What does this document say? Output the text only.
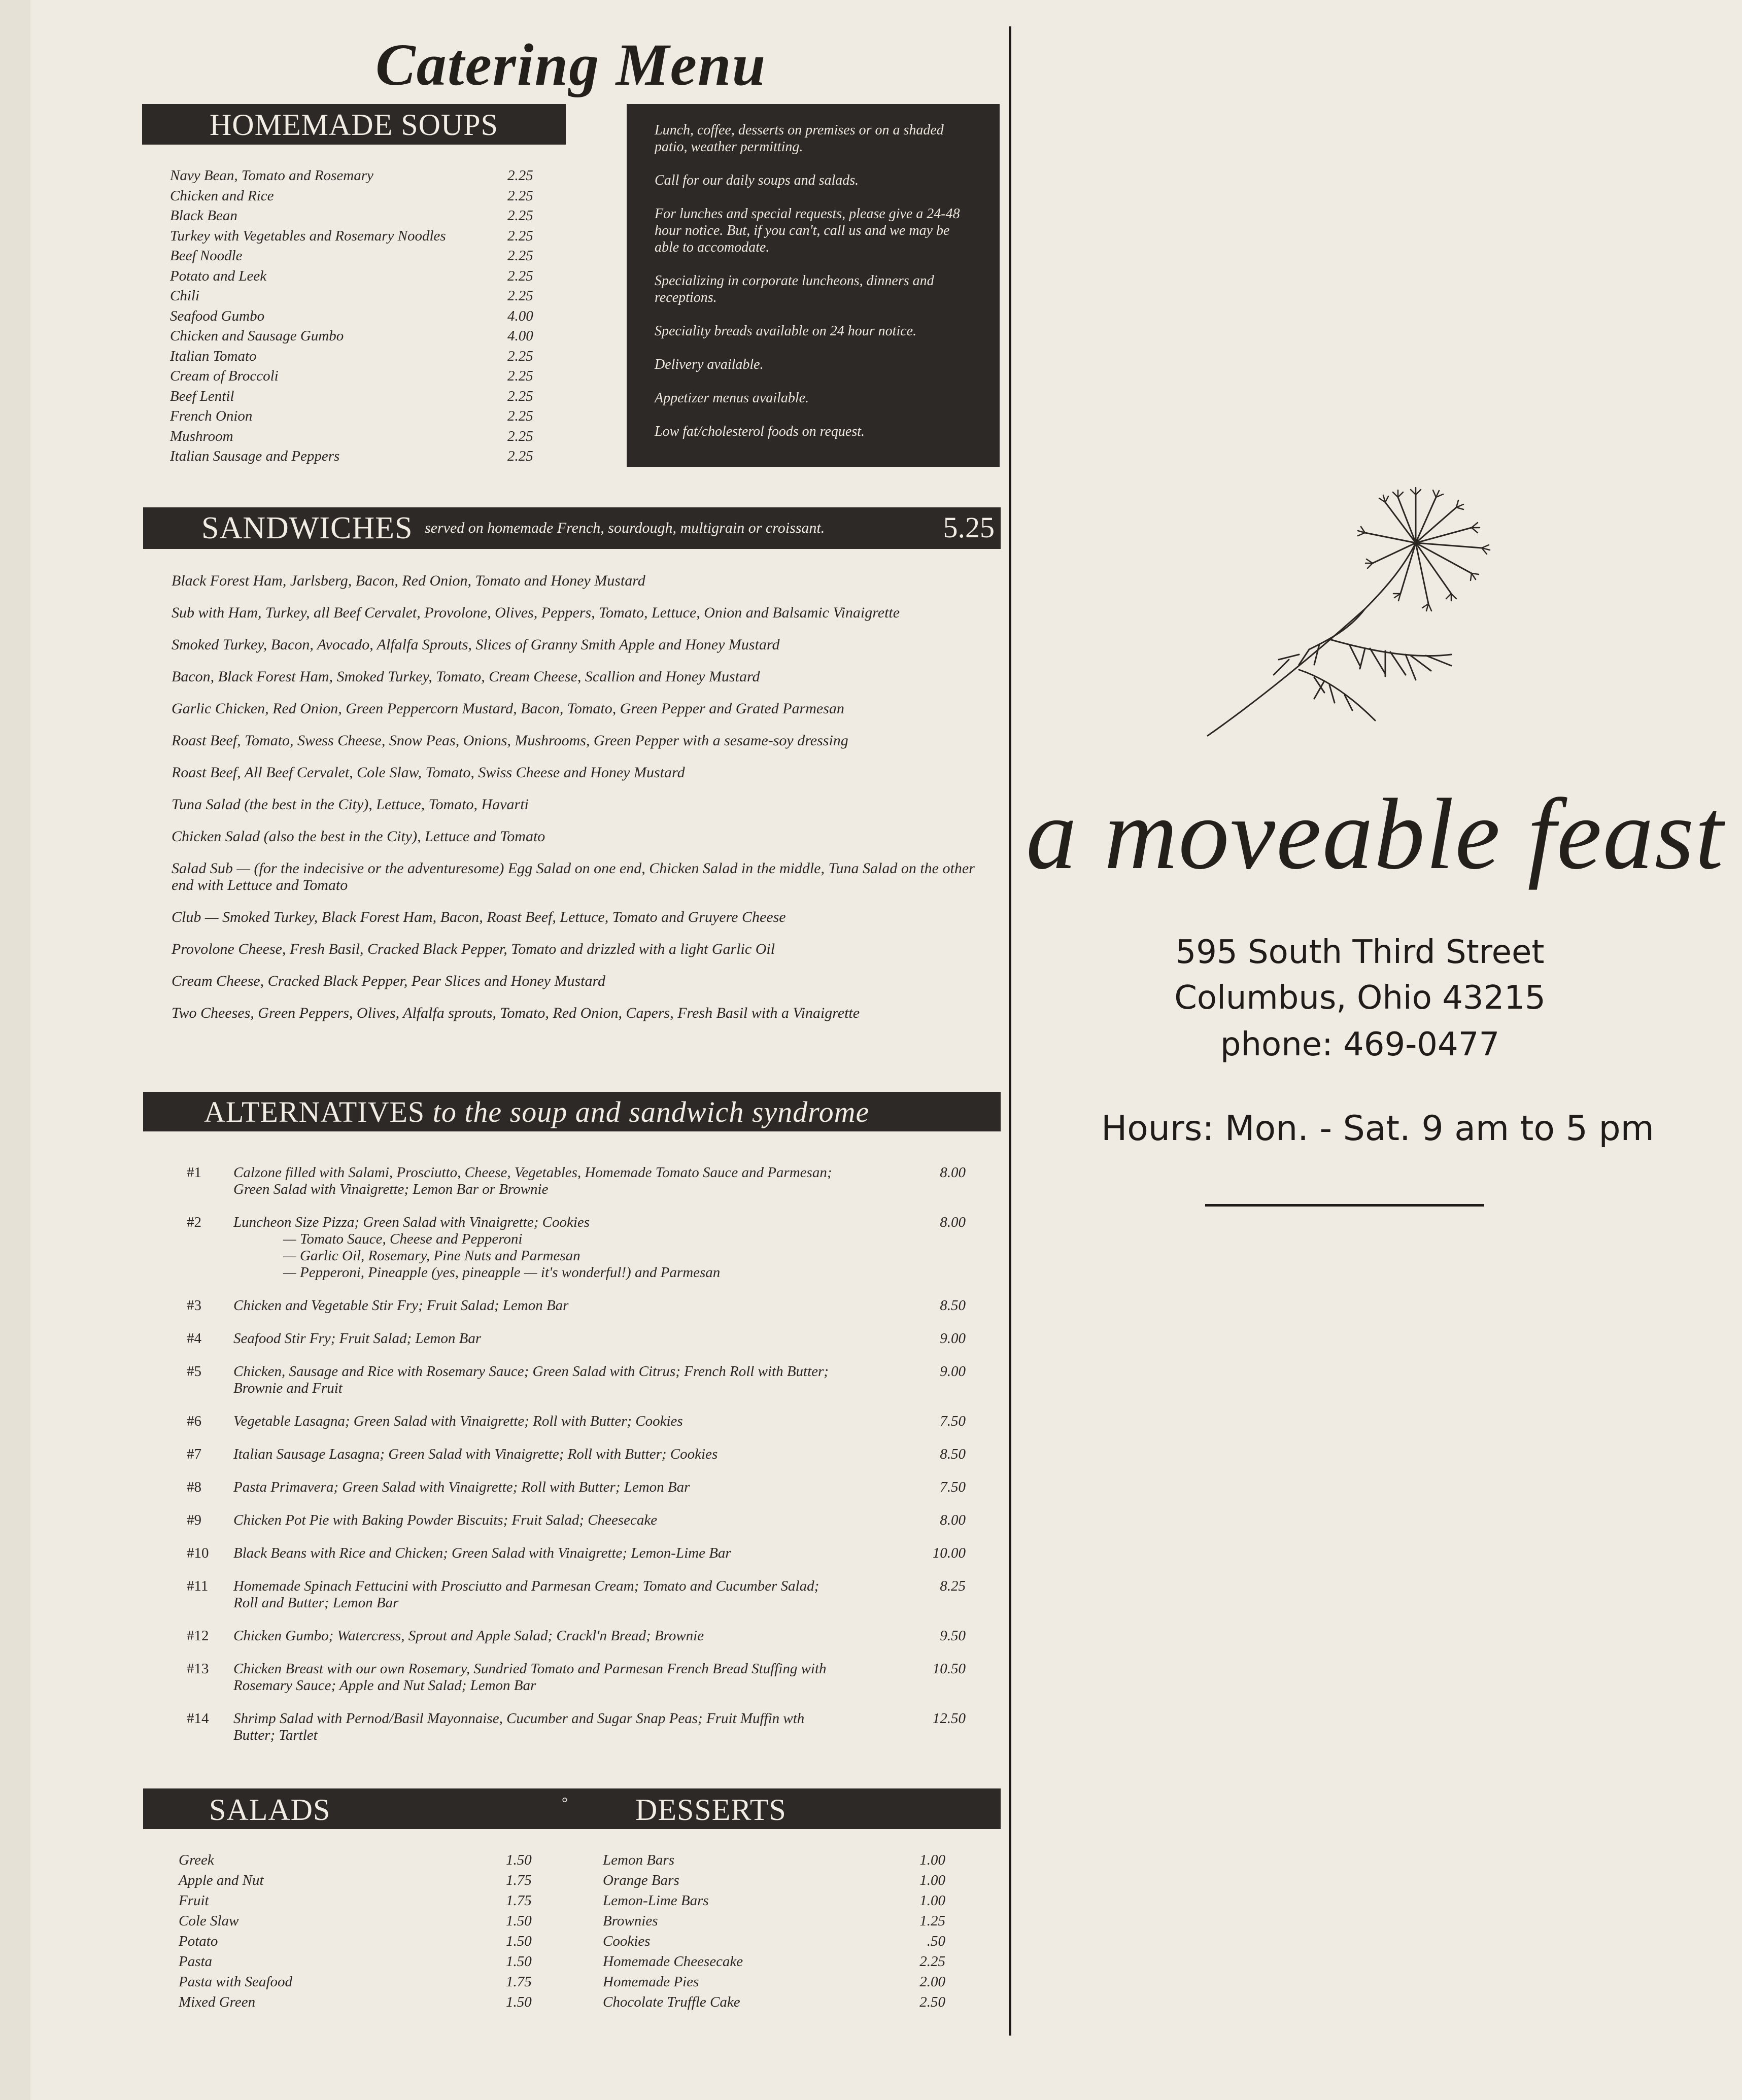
Catering Menu
HOMEMADE SOUPS
Navy Bean, Tomato and Rosemary	2.25
Chicken and Rice	2.25
Black Bean	2.25
Turkey with Vegetables and Rosemary Noodles	2.25
Beef Noodle	2.25
Potato and Leek	2.25
Chili	2.25
Seafood Gumbo	4.00
Chicken and Sausage Gumbo	4.00
Italian Tomato	2.25
Cream of Broccoli	2.25
Beef Lentil	2.25
French Onion	2.25
Mushroom	2.25
Italian Sausage and Peppers	2.25

Lunch, coffee, desserts on premises or on a shaded patio, weather permitting.

Call for our daily soups and salads.

For lunches and special requests, please give a 24-48 hour notice. But, if you can't, call us and we may be able to accomodate.

Specializing in corporate luncheons, dinners and receptions.

Speciality breads available on 24 hour notice.

Delivery available.

Appetizer menus available.

Low fat/cholesterol foods on request.

SANDWICHES served on homemade French, sourdough, multigrain or croissant.	5.25
Black Forest Ham, Jarlsberg, Bacon, Red Onion, Tomato and Honey Mustard
Sub with Ham, Turkey, all Beef Cervalet, Provolone, Olives, Peppers, Tomato, Lettuce, Onion and Balsamic Vinaigrette
Smoked Turkey, Bacon, Avocado, Alfalfa Sprouts, Slices of Granny Smith Apple and Honey Mustard
Bacon, Black Forest Ham, Smoked Turkey, Tomato, Cream Cheese, Scallion and Honey Mustard
Garlic Chicken, Red Onion, Green Peppercorn Mustard, Bacon, Tomato, Green Pepper and Grated Parmesan
Roast Beef, Tomato, Swess Cheese, Snow Peas, Onions, Mushrooms, Green Pepper with a sesame-soy dressing
Roast Beef, All Beef Cervalet, Cole Slaw, Tomato, Swiss Cheese and Honey Mustard
Tuna Salad (the best in the City), Lettuce, Tomato, Havarti
Chicken Salad (also the best in the City), Lettuce and Tomato
Salad Sub — (for the indecisive or the adventuresome) Egg Salad on one end, Chicken Salad in the middle, Tuna Salad on the other end with Lettuce and Tomato
Club — Smoked Turkey, Black Forest Ham, Bacon, Roast Beef, Lettuce, Tomato and Gruyere Cheese
Provolone Cheese, Fresh Basil, Cracked Black Pepper, Tomato and drizzled with a light Garlic Oil
Cream Cheese, Cracked Black Pepper, Pear Slices and Honey Mustard
Two Cheeses, Green Peppers, Olives, Alfalfa sprouts, Tomato, Red Onion, Capers, Fresh Basil with a Vinaigrette
ALTERNATIVES to the soup and sandwich syndrome
#1 Calzone filled with Salami, Prosciutto, Cheese, Vegetables, Homemade Tomato Sauce and Parmesan; Green Salad with Vinaigrette; Lemon Bar or Brownie
8.00
#2 Luncheon Size Pizza; Green Salad with Vinaigrette; Cookies	8.00
— Tomato Sauce, Cheese and Pepperoni
— Garlic Oil, Rosemary, Pine Nuts and Parmesan
— Pepperoni, Pineapple (yes, pineapple — it's wonderful!) and Parmesan
#3 Chicken and Vegetable Stir Fry; Fruit Salad; Lemon Bar	8.50
#4 Seafood Stir Fry; Fruit Salad; Lemon Bar	9.00
#5 Chicken, Sausage and Rice with Rosemary Sauce; Green Salad with Citrus; French Roll with Butter; Brownie and Fruit
9.00
#6 Vegetable Lasagna; Green Salad with Vinaigrette; Roll with Butter; Cookies	7.50
#7 Italian Sausage Lasagna; Green Salad with Vinaigrette; Roll with Butter; Cookies	8.50
#8 Pasta Primavera; Green Salad with Vinaigrette; Roll with Butter; Lemon Bar	7.50
#9 Chicken Pot Pie with Baking Powder Biscuits; Fruit Salad; Cheesecake	8.00
#10 Black Beans with Rice and Chicken; Green Salad with Vinaigrette; Lemon-Lime Bar	10.00
#11 Homemade Spinach Fettucini with Prosciutto and Parmesan Cream; Tomato and Cucumber Salad; Roll and Butter; Lemon Bar
8.25
#12 Chicken Gumbo; Watercress, Sprout and Apple Salad; Crackl'n Bread; Brownie	9.50
#13 Chicken Breast with our own Rosemary, Sundried Tomato and Parmesan French Bread Stuffing with Rosemary Sauce; Apple and Nut Salad; Lemon Bar
10.50
#14 Shrimp Salad with Pernod/Basil Mayonnaise, Cucumber and Sugar Snap Peas; Fruit Muffin wth Butter; Tartlet
12.50
SALADS	° DESSERTS
Greek	1.50
Apple and Nut	1.75
Fruit	1.75
Cole Slaw	1.50
Potato	1.50
Pasta	1.50
Pasta with Seafood	1.75
Mixed Green	1.50
Lemon Bars	1.00
Orange Bars	1.00
Lemon-Lime Bars	1.00
Brownies	1.25
Cookies	.50
Homemade Cheesecake	2.25
Homemade Pies	2.00
Chocolate Truffle Cake	2.50
a moveable feast
595 South Third Street
Columbus, Ohio 43215
phone: 469-0477
Hours: Mon. - Sat. 9 am to 5 pm
